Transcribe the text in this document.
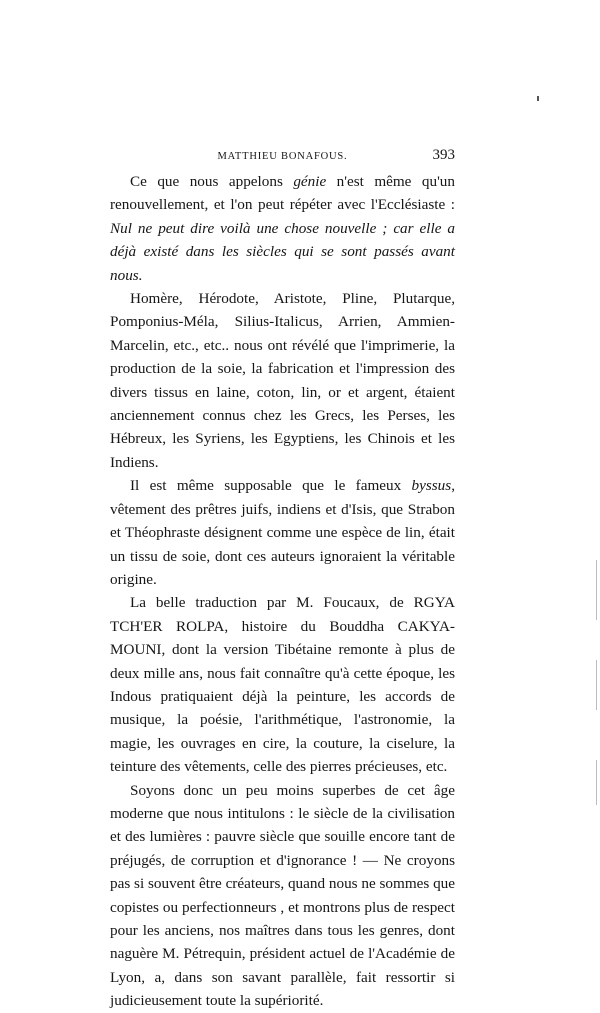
MATTHIEU BONAFOUS.	393

Ce que nous appelons génie n'est même qu'un renouvellement, et l'on peut répéter avec l'Ecclésiaste : Nul ne peut dire voilà une chose nouvelle ; car elle a déjà existé dans les siècles qui se sont passés avant nous.

Homère, Hérodote, Aristote, Pline, Plutarque, Pomponius-Méla, Silius-Italicus, Arrien, Ammien-Marcelin, etc., etc.. nous ont révélé que l'imprimerie, la production de la soie, la fabrication et l'impression des divers tissus en laine, coton, lin, or et argent, étaient anciennement connus chez les Grecs, les Perses, les Hébreux, les Syriens, les Egyptiens, les Chinois et les Indiens.

Il est même supposable que le fameux byssus, vêtement des prêtres juifs, indiens et d'Isis, que Strabon et Théophraste désignent comme une espèce de lin, était un tissu de soie, dont ces auteurs ignoraient la véritable origine.

La belle traduction par M. Foucaux, de RGYA TCH'ER ROLPA, histoire du Bouddha CAKYA-MOUNI, dont la version Tibétaine remonte à plus de deux mille ans, nous fait connaître qu'à cette époque, les Indous pratiquaient déjà la peinture, les accords de musique, la poésie, l'arithmétique, l'astronomie, la magie, les ouvrages en cire, la couture, la ciselure, la teinture des vêtements, celle des pierres précieuses, etc.

Soyons donc un peu moins superbes de cet âge moderne que nous intitulons : le siècle de la civilisation et des lumières : pauvre siècle que souille encore tant de préjugés, de corruption et d'ignorance ! — Ne croyons pas si souvent être créateurs, quand nous ne sommes que copistes ou perfectionneurs , et montrons plus de respect pour les anciens, nos maîtres dans tous les genres, dont naguère M. Pétrequin, président actuel de l'Académie de Lyon, a, dans son savant parallèle, fait ressortir si judicieusement toute la supériorité.
